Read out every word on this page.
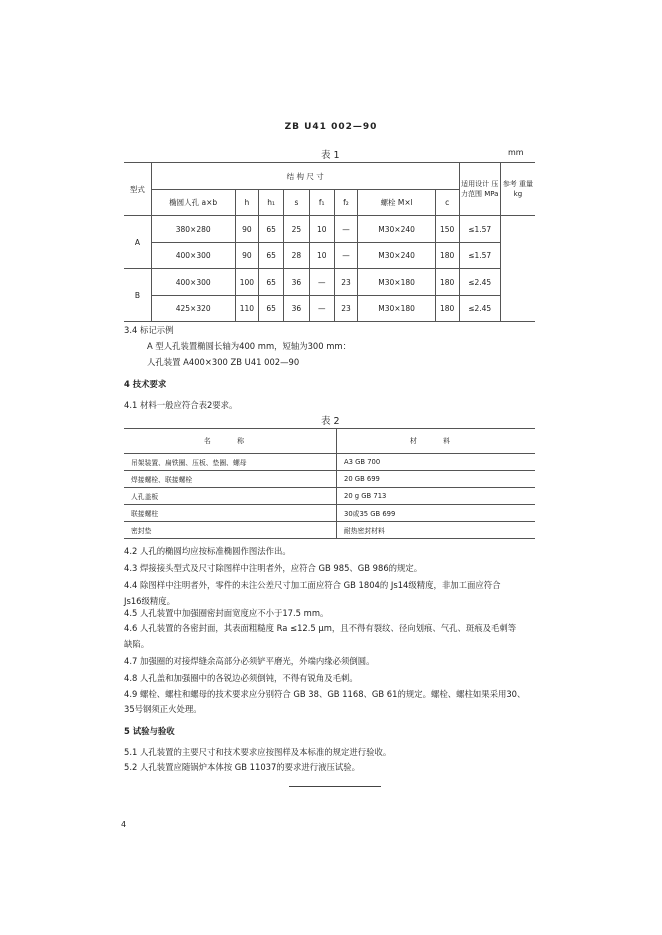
ZB U41 002—90
表 1	mm
型式	结 构 尺 寸								适用设计 压力范围 MPa	参考 重量 kg
	椭圆人孔 a×b	h	h₁	s	f₁	f₂	螺栓 M×l	c		
A	380×280	90	65	25	10	—	M30×240	150	≤1.57	
	400×300	90	65	28	10	—	M30×240	180	≤1.57	
B	400×300	100	65	36	—	23	M30×180	180	≤2.45	
	425×320	110	65	36	—	23	M30×180	180	≤2.45	
3.4 标记示例
A 型人孔装置椭圆长轴为400 mm，短轴为300 mm：
人孔装置 A400×300 ZB U41 002—90
4 技术要求
4.1 材料一般应符合表2要求。
表 2
名 称	材 料
吊架装置、扁铁圈、压板、垫圈、螺母	A3 GB 700
焊接螺栓、联接螺栓	20 GB 699
人孔盖板	20 g GB 713
联接螺柱	30或35 GB 699
密封垫	耐热密封材料
4.2 人孔的椭圆均应按标准椭圆作图法作出。
4.3 焊接接头型式及尺寸除图样中注明者外，应符合 GB 985、GB 986的规定。
4.4 除图样中注明者外，零件的未注公差尺寸加工面应符合 GB 1804的 Js14级精度，非加工面应符合
Js16级精度。
4.5 人孔装置中加强圈密封面宽度应不小于17.5 mm。
4.6 人孔装置的各密封面，其表面粗糙度 Ra ≤12.5 μm，且不得有裂纹、径向划痕、气孔、斑痕及毛刺等
缺陷。
4.7 加强圈的对接焊缝余高部分必须铲平磨光，外端内缘必须倒圆。
4.8 人孔盖和加强圈中的各锐边必须倒钝，不得有锐角及毛刺。
4.9 螺栓、螺柱和螺母的技术要求应分别符合 GB 38、GB 1168、GB 61的规定。螺栓、螺柱如果采用30、
35号钢须正火处理。
5 试验与验收
5.1 人孔装置的主要尺寸和技术要求应按图样及本标准的规定进行验收。
5.2 人孔装置应随锅炉本体按 GB 11037的要求进行液压试验。
4
